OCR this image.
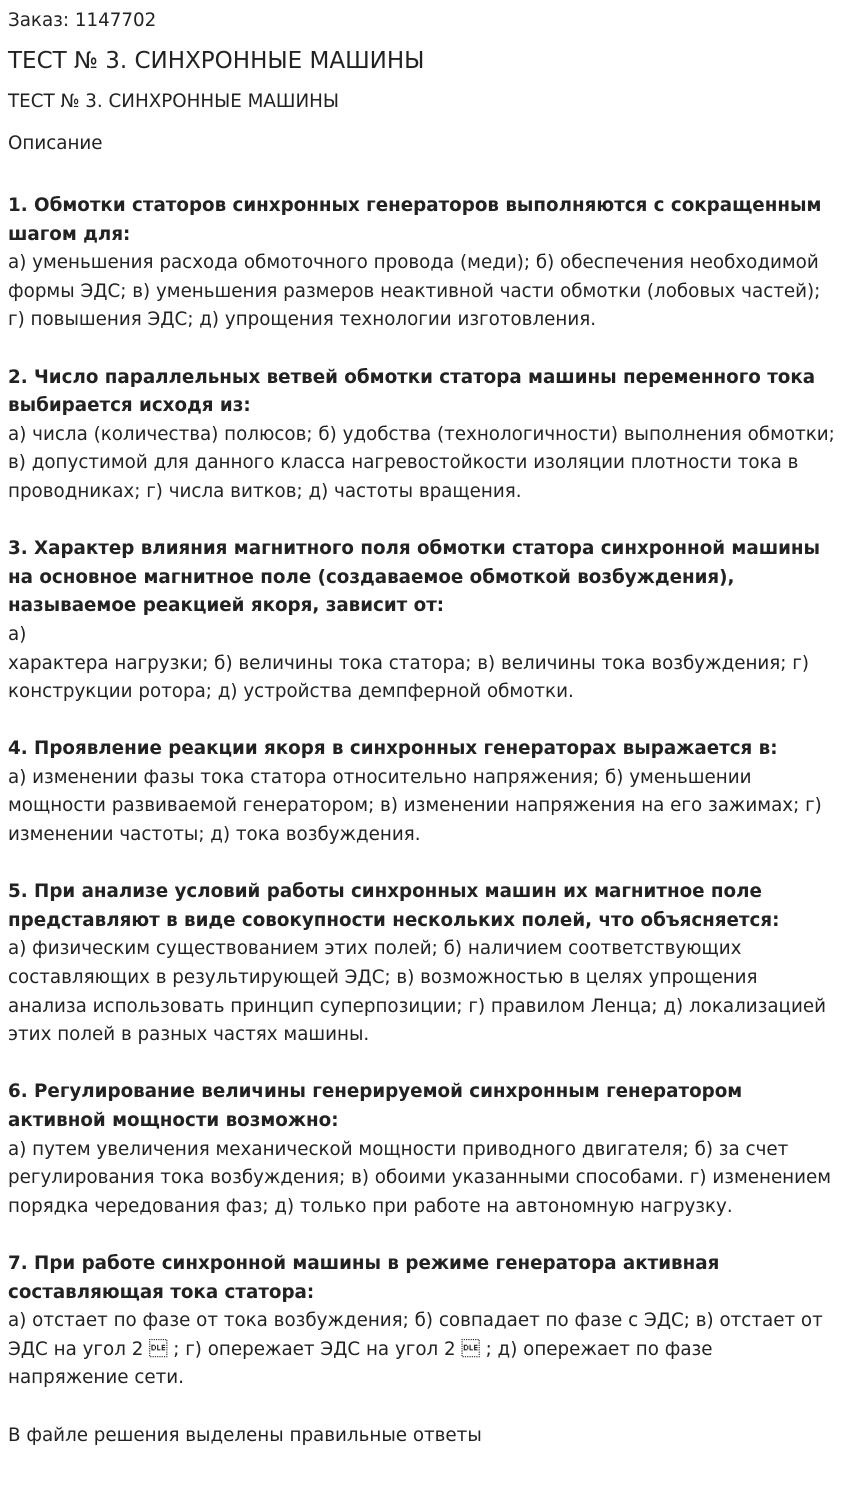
Заказ: 1147702

ТЕСТ № 3. СИНХРОННЫЕ МАШИНЫ

ТЕСТ № 3. СИНХРОННЫЕ МАШИНЫ

Описание

1. Обмотки статоров синхронных генераторов выполняются с сокращенным шагом для:
а) уменьшения расхода обмоточного провода (меди); б) обеспечения необходимой формы ЭДС; в) уменьшения размеров неактивной части обмотки (лобовых частей); г) повышения ЭДС; д) упрощения технологии изготовления.
2. Число параллельных ветвей обмотки статора машины переменного тока выбирается исходя из:
а) числа (количества) полюсов; б) удобства (технологичности) выполнения обмотки; в) допустимой для данного класса нагревостойкости изоляции плотности тока в проводниках; г) числа витков; д) частоты вращения.
3. Характер влияния магнитного поля обмотки статора синхронной машины на основное магнитное поле (создаваемое обмоткой возбуждения), называемое реакцией якоря, зависит от:
а)
характера нагрузки; б) величины тока статора; в) величины тока возбуждения; г) конструкции ротора; д) устройства демпферной обмотки.
4. Проявление реакции якоря в синхронных генераторах выражается в:
а) изменении фазы тока статора относительно напряжения; б) уменьшении мощности развиваемой генератором; в) изменении напряжения на его зажимах; г) изменении частоты; д) тока возбуждения.
5. При анализе условий работы синхронных машин их магнитное поле представляют в виде совокупности нескольких полей, что объясняется:
а) физическим существованием этих полей; б) наличием соответствующих составляющих в результирующей ЭДС; в) возможностью в целях упрощения анализа использовать принцип суперпозиции; г) правилом Ленца; д) локализацией этих полей в разных частях машины.
6. Регулирование величины генерируемой синхронным генератором активной мощности возможно:
а) путем увеличения механической мощности приводного двигателя; б) за счет регулирования тока возбуждения; в) обоими указанными способами. г) изменением порядка чередования фаз; д) только при работе на автономную нагрузку.
7. При работе синхронной машины в режиме генератора активная составляющая тока статора:
а) отстает по фазе от тока возбуждения; б) совпадает по фазе с ЭДС; в) отстает от ЭДС на угол 2  ; г) опережает ЭДС на угол 2  ; д) опережает по фазе напряжение сети.

В файле решения выделены правильные ответы
